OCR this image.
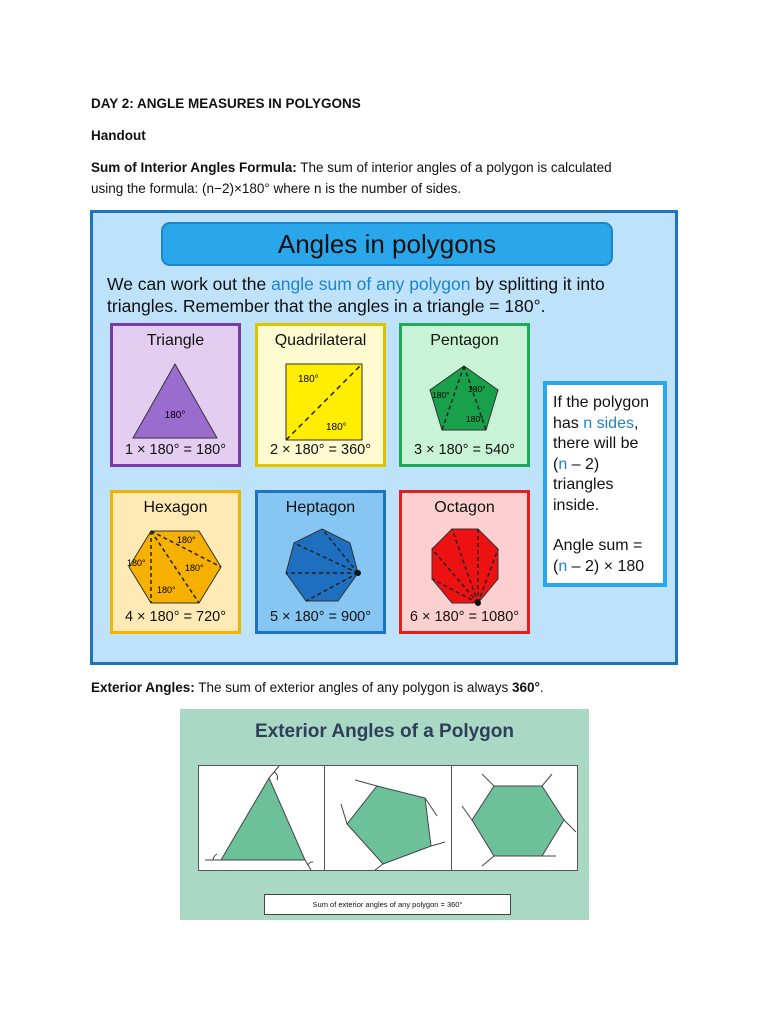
DAY 2: ANGLE MEASURES IN POLYGONS
Handout
Sum of Interior Angles Formula: The sum of interior angles of a polygon is calculated
using the formula: (n−2)×180° where n is the number of sides.
Angles in polygons
We can work out the angle sum of any polygon by splitting it into triangles. Remember that the angles in a triangle = 180°.
Triangle
180°
1 × 180° = 180°
Quadrilateral
180°
180°
2 × 180° = 360°
Pentagon
180°
180°
180°
3 × 180° = 540°
Hexagon
180°
180°	180°
180°
4 × 180° = 720°
Heptagon
5 × 180° = 900°
Octagon
6 × 180° = 1080°
If the polygon has n sides, there will be (n – 2) triangles inside.
Angle sum = (n – 2) × 180
Exterior Angles: The sum of exterior angles of any polygon is always 360°.
Exterior Angles of a Polygon
Sum of exterior angles of any polygon = 360°
